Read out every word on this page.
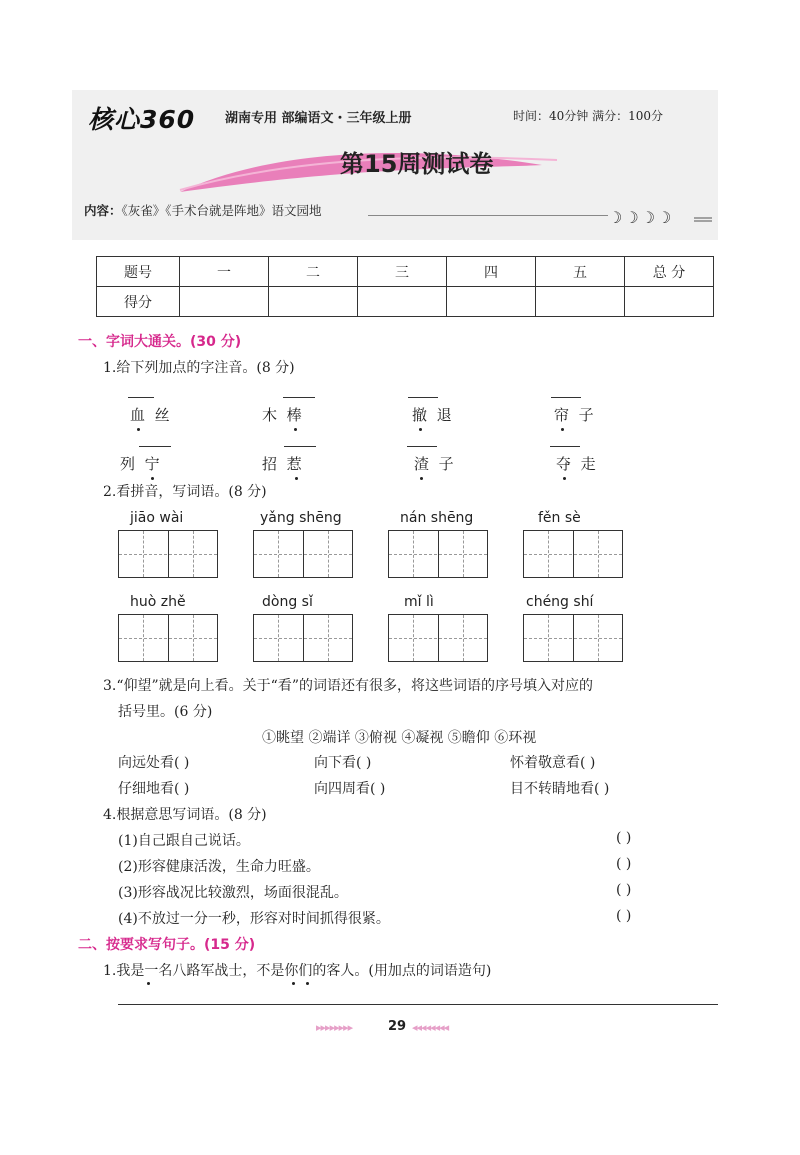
核心360 湖南专用 部编语文・三年级上册	时间：40分钟 满分：100分
第15周测试卷
内容：《灰雀》《手术台就是阵地》语文园地	☽☽☽☽
题号	一	二	三	四	五	总 分
得分						
一、字词大通关。(30 分)
1.给下列加点的字注音。(8 分)
血 丝	木 棒	撤 退	帘 子
列 宁	招 惹	渣 子	夺 走
2.看拼音，写词语。(8 分)
jiāo wài	yǎng shēng	nán shēng	fěn sè
huò zhě	dòng sǐ	mǐ lì	chéng shí
3.“仰望”就是向上看。关于“看”的词语还有很多，将这些词语的序号填入对应的
括号里。(6 分)
①眺望 ②端详 ③俯视 ④凝视 ⑤瞻仰 ⑥环视
向远处看( )	向下看( )	怀着敬意看( )
仔细地看( )	向四周看( )	目不转睛地看( )
4.根据意思写词语。(8 分)
(1)自己跟自己说话。	( )
(2)形容健康活泼，生命力旺盛。	( )
(3)形容战况比较激烈，场面很混乱。	( )
(4)不放过一分一秒，形容对时间抓得很紧。	( )
二、按要求写句子。(15 分)
1.我是一名八路军战士，不是你们的客人。(用加点的词语造句)
▸▸▸▸▸▸▸▸	29 ◂◂◂◂◂◂◂◂
